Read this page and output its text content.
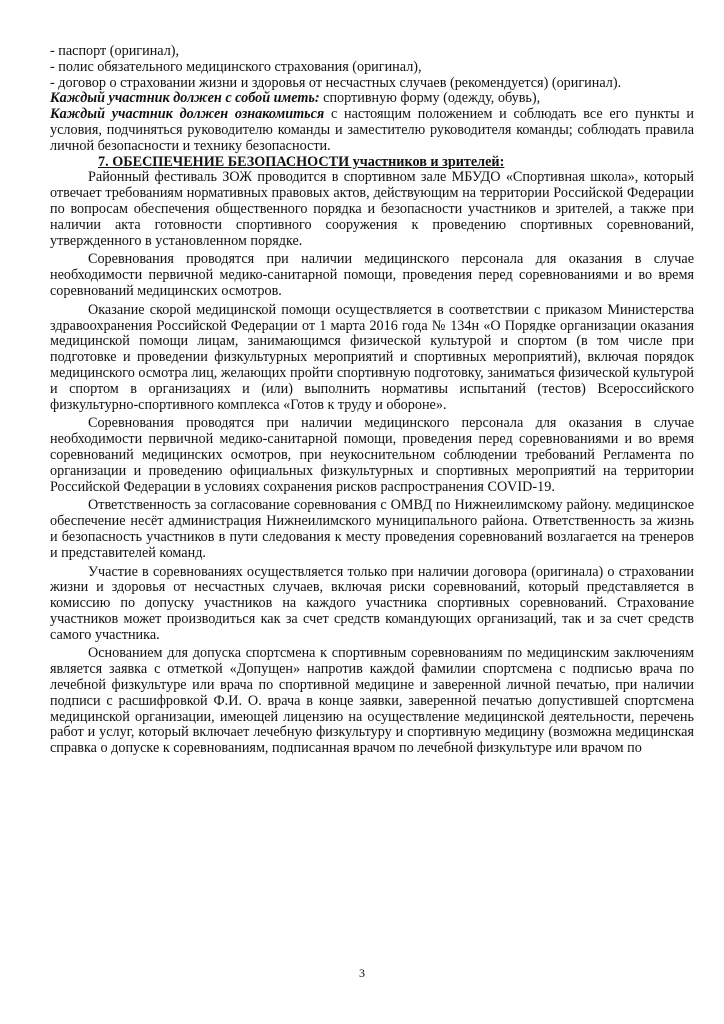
- паспорт (оригинал),

- полис обязательного медицинского страхования (оригинал),

- договор о страховании жизни и здоровья от несчастных случаев (рекомендуется) (оригинал).

Каждый участник должен с собой иметь: спортивную форму (одежду, обувь),

Каждый участник должен ознакомиться с настоящим положением и соблюдать все его пункты и условия, подчиняться руководителю команды и заместителю руководителя команды; соблюдать правила личной безопасности и технику безопасности.

7. ОБЕСПЕЧЕНИЕ БЕЗОПАСНОСТИ участников и зрителей:

Районный фестиваль ЗОЖ проводится в спортивном зале МБУДО «Спортивная школа», который отвечает требованиям нормативных правовых актов, действующим на территории Российской Федерации по вопросам обеспечения общественного порядка и безопасности участников и зрителей, а также при наличии акта готовности спортивного сооружения к проведению спортивных соревнований, утвержденного в установленном порядке.

Соревнования проводятся при наличии медицинского персонала для оказания в случае необходимости первичной медико-санитарной помощи, проведения перед соревнованиями и во время соревнований медицинских осмотров.

Оказание скорой медицинской помощи осуществляется в соответствии с приказом Министерства здравоохранения Российской Федерации от 1 марта 2016 года № 134н «О Порядке организации оказания медицинской помощи лицам, занимающимся физической культурой и спортом (в том числе при подготовке и проведении физкультурных мероприятий и спортивных мероприятий), включая порядок медицинского осмотра лиц, желающих пройти спортивную подготовку, заниматься физической культурой и спортом в организациях и (или) выполнить нормативы испытаний (тестов) Всероссийского физкультурно-спортивного комплекса «Готов к труду и обороне».

Соревнования проводятся при наличии медицинского персонала для оказания в случае необходимости первичной медико-санитарной помощи, проведения перед соревнованиями и во время соревнований медицинских осмотров, при неукоснительном соблюдении требований Регламента по организации и проведению официальных физкультурных и спортивных мероприятий на территории Российской Федерации в условиях сохранения рисков распространения COVID-19.

Ответственность за согласование соревнования с ОМВД по Нижнеилимскому району. медицинское обеспечение несёт администрация Нижнеилимского муниципального района. Ответственность за жизнь и безопасность участников в пути следования к месту проведения соревнований возлагается на тренеров и представителей команд.

Участие в соревнованиях осуществляется только при наличии договора (оригинала) о страховании жизни и здоровья от несчастных случаев, включая риски соревнований, который представляется в комиссию по допуску участников на каждого участника спортивных соревнований. Страхование участников может производиться как за счет средств командующих организаций, так и за счет средств самого участника.

Основанием для допуска спортсмена к спортивным соревнованиям по медицинским заключениям является заявка с отметкой «Допущен» напротив каждой фамилии спортсмена с подписью врача по лечебной физкультуре или врача по спортивной медицине и заверенной личной печатью, при наличии подписи с расшифровкой Ф.И. О. врача в конце заявки, заверенной печатью допустившей спортсмена медицинской организации, имеющей лицензию на осуществление медицинской деятельности, перечень работ и услуг, который включает лечебную физкультуру и спортивную медицину (возможна медицинская справка о допуске к соревнованиям, подписанная врачом по лечебной физкультуре или врачом по

3
